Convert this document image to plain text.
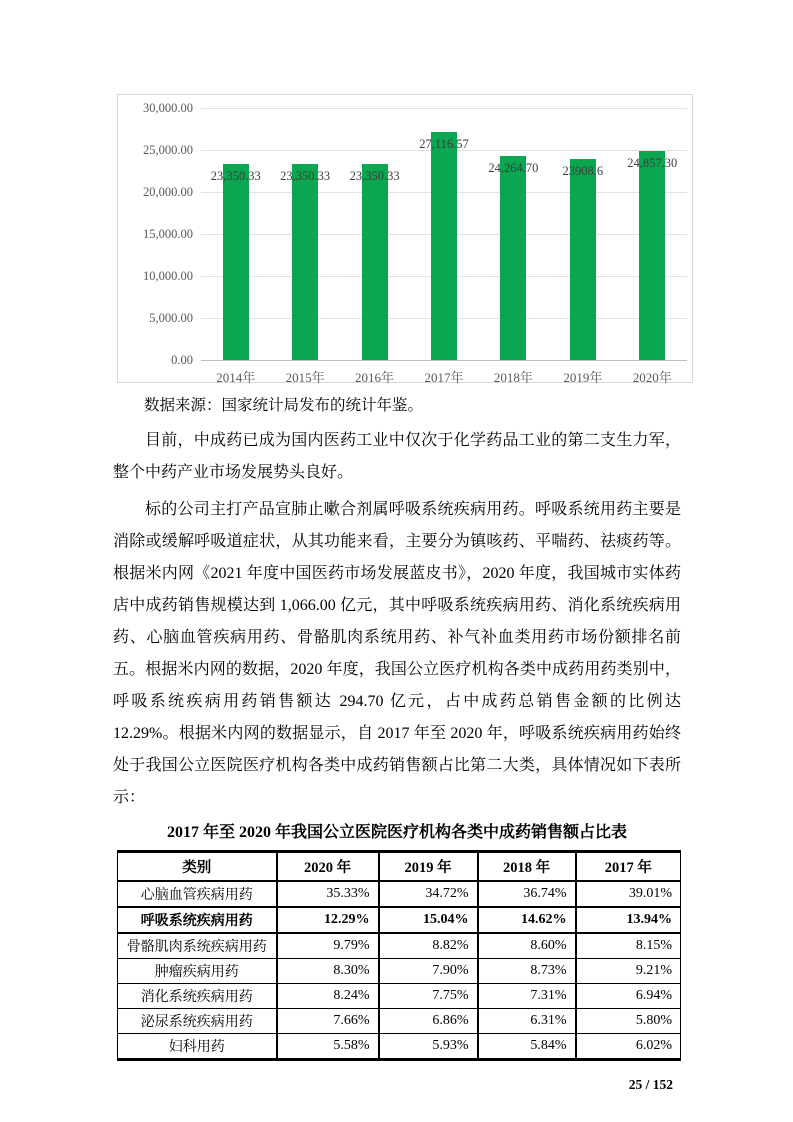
30,000.00
25,000.00
20,000.00
15,000.00
10,000.00
5,000.00
0.00
23,350.33
2014年
23,350.33
2015年
23,350.33
2016年
27,116.57
2017年
24,264.70
2018年
23908.6
2019年
24,857.30
2020年

数据来源：国家统计局发布的统计年鉴。

目前，中成药已成为国内医药工业中仅次于化学药品工业的第二支生力军，整个中药产业市场发展势头良好。

标的公司主打产品宣肺止嗽合剂属呼吸系统疾病用药。呼吸系统用药主要是消除或缓解呼吸道症状，从其功能来看，主要分为镇咳药、平喘药、祛痰药等。根据米内网《2021 年度中国医药市场发展蓝皮书》，2020 年度，我国城市实体药店中成药销售规模达到 1,066.00 亿元，其中呼吸系统疾病用药、消化系统疾病用药、心脑血管疾病用药、骨骼肌肉系统用药、补气补血类用药市场份额排名前五。根据米内网的数据，2020 年度，我国公立医疗机构各类中成药用药类别中，呼吸系统疾病用药销售额达 294.70 亿元，占中成药总销售金额的比例达 12.29%。根据米内网的数据显示，自 2017 年至 2020 年，呼吸系统疾病用药始终处于我国公立医院医疗机构各类中成药销售额占比第二大类，具体情况如下表所示：

2017 年至 2020 年我国公立医院医疗机构各类中成药销售额占比表
类别	2020 年	2019 年	2018 年	2017 年
心脑血管疾病用药	35.33%	34.72%	36.74%	39.01%
呼吸系统疾病用药	12.29%	15.04%	14.62%	13.94%
骨骼肌肉系统疾病用药	9.79%	8.82%	8.60%	8.15%
肿瘤疾病用药	8.30%	7.90%	8.73%	9.21%
消化系统疾病用药	8.24%	7.75%	7.31%	6.94%
泌尿系统疾病用药	7.66%	6.86%	6.31%	5.80%
妇科用药	5.58%	5.93%	5.84%	6.02%
25 / 152
